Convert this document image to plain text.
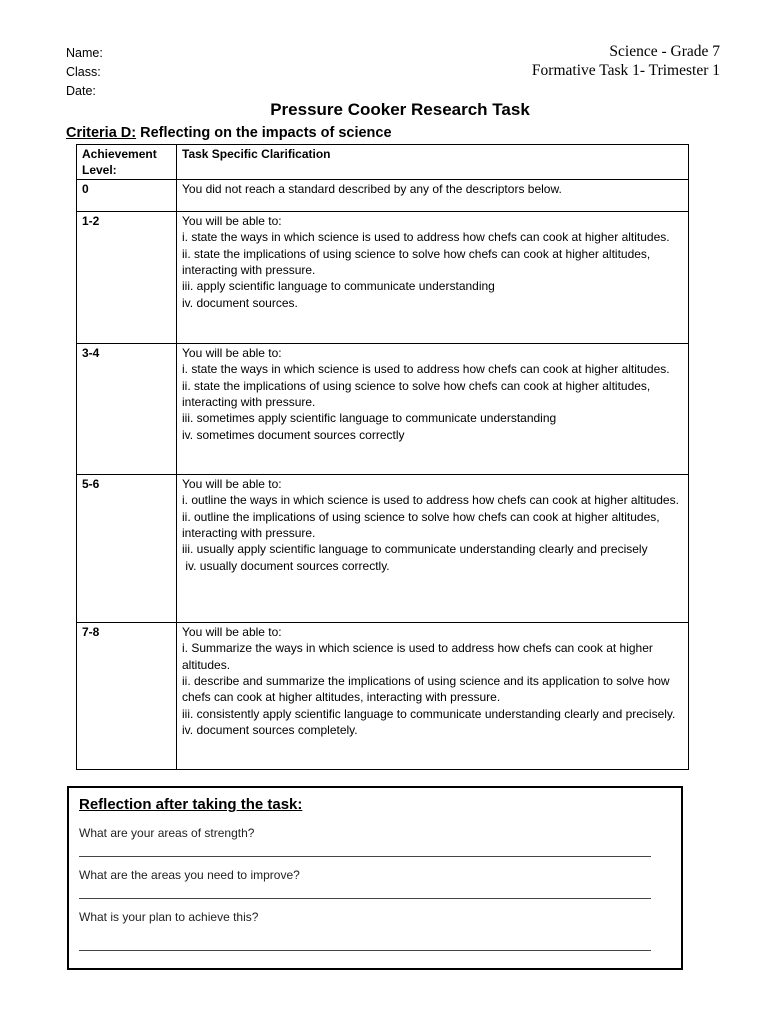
Name:
Class:
Date:
Science - Grade 7
Formative Task 1- Trimester 1
Pressure Cooker Research Task
Criteria D: Reflecting on the impacts of science
Achievement Level:	Task Specific Clarification
0	You did not reach a standard described by any of the descriptors below.

1-2	You will be able to:
i. state the ways in which science is used to address how chefs can cook at higher altitudes.
ii. state the implications of using science to solve how chefs can cook at higher altitudes, interacting with pressure.
iii. apply scientific language to communicate understanding
iv. document sources.

3-4	You will be able to:
i. state the ways in which science is used to address how chefs can cook at higher altitudes.
ii. state the implications of using science to solve how chefs can cook at higher altitudes, interacting with pressure.
iii. sometimes apply scientific language to communicate understanding
iv. sometimes document sources correctly

5-6	You will be able to:
i. outline the ways in which science is used to address how chefs can cook at higher altitudes.
ii. outline the implications of using science to solve how chefs can cook at higher altitudes, interacting with pressure.
iii. usually apply scientific language to communicate understanding clearly and precisely
iv. usually document sources correctly.

7-8	You will be able to:
i. Summarize the ways in which science is used to address how chefs can cook at higher altitudes.
ii. describe and summarize the implications of using science and its application to solve how chefs can cook at higher altitudes, interacting with pressure.
iii. consistently apply scientific language to communicate understanding clearly and precisely.
iv. document sources completely.
Reflection after taking the task:
What are your areas of strength?
What are the areas you need to improve?
What is your plan to achieve this?
